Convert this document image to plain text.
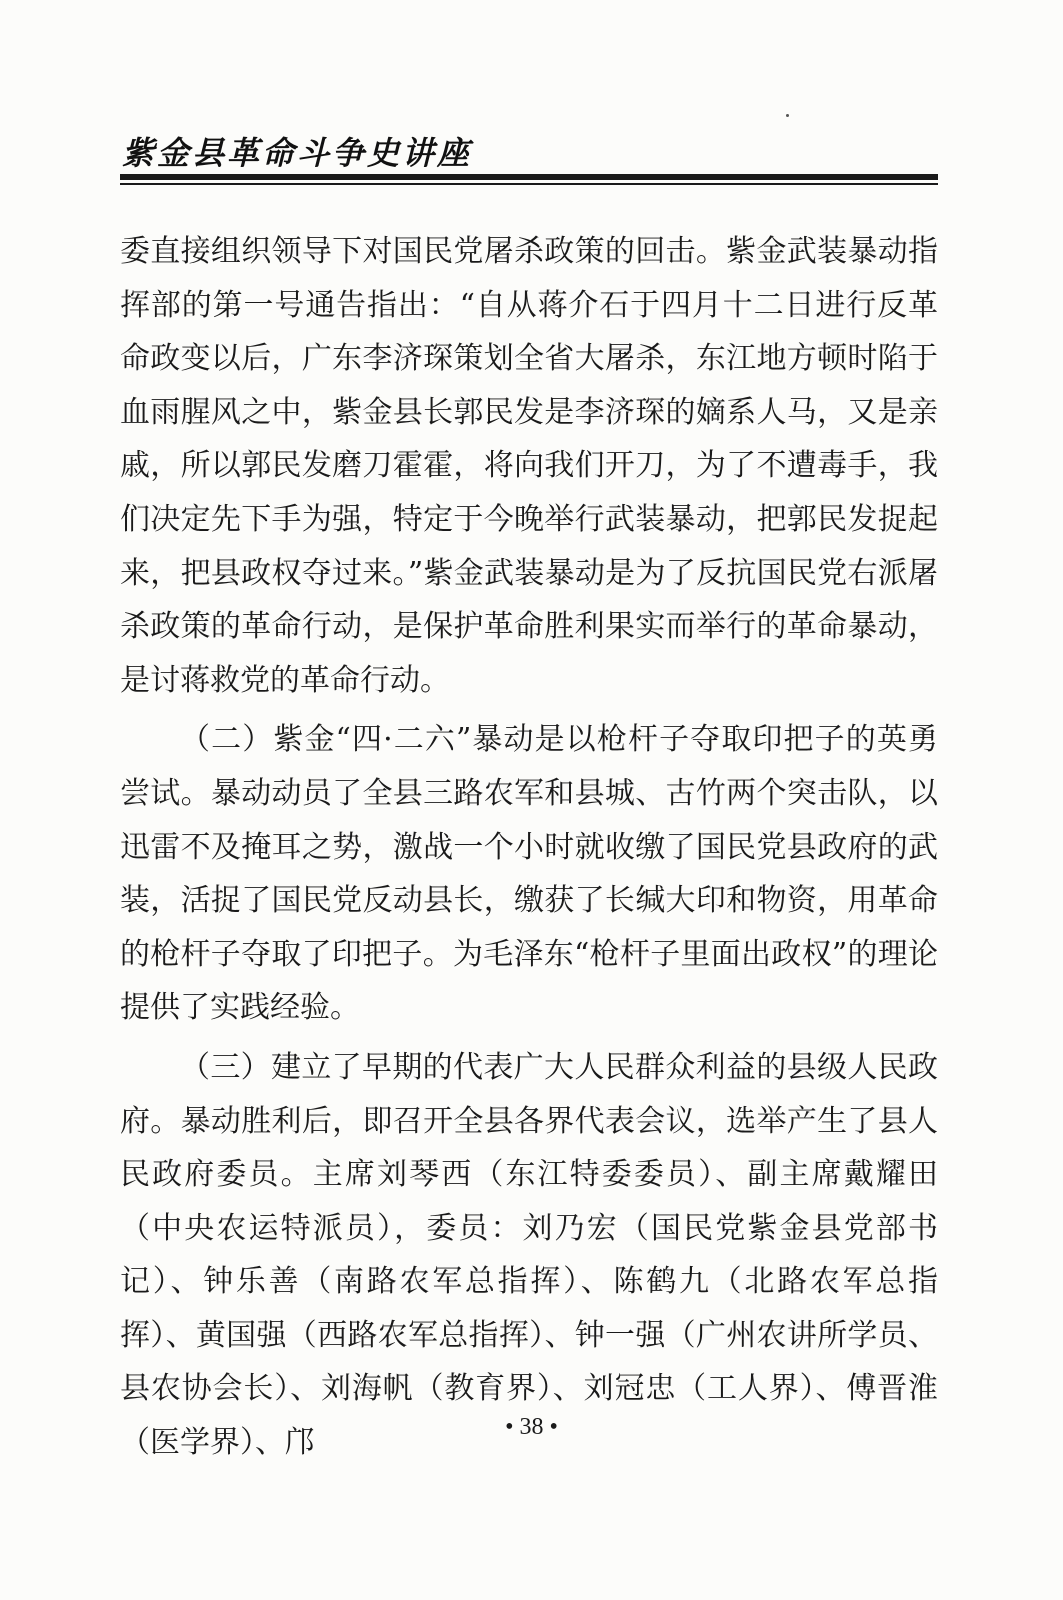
紫金县革命斗争史讲座

委直接组织领导下对国民党屠杀政策的回击。紫金武装暴动指挥部的第一号通告指出：“自从蒋介石于四月十二日进行反革命政变以后，广东李济琛策划全省大屠杀，东江地方顿时陷于血雨腥风之中，紫金县长郭民发是李济琛的嫡系人马，又是亲戚，所以郭民发磨刀霍霍，将向我们开刀，为了不遭毒手，我们决定先下手为强，特定于今晚举行武装暴动，把郭民发捉起来，把县政权夺过来。”紫金武装暴动是为了反抗国民党右派屠杀政策的革命行动，是保护革命胜利果实而举行的革命暴动，是讨蒋救党的革命行动。

（二）紫金“四·二六”暴动是以枪杆子夺取印把子的英勇尝试。暴动动员了全县三路农军和县城、古竹两个突击队，以迅雷不及掩耳之势，激战一个小时就收缴了国民党县政府的武装，活捉了国民党反动县长，缴获了长缄大印和物资，用革命的枪杆子夺取了印把子。为毛泽东“枪杆子里面出政权”的理论提供了实践经验。

（三）建立了早期的代表广大人民群众利益的县级人民政府。暴动胜利后，即召开全县各界代表会议，选举产生了县人民政府委员。主席刘琴西（东江特委委员）、副主席戴耀田（中央农运特派员），委员：刘乃宏（国民党紫金县党部书记）、钟乐善（南路农军总指挥）、陈鹤九（北路农军总指挥）、黄国强（西路农军总指挥）、钟一强（广州农讲所学员、县农协会长）、刘海帆（教育界）、刘冠忠（工人界）、傅晋淮（医学界）、邝	• 38 •
